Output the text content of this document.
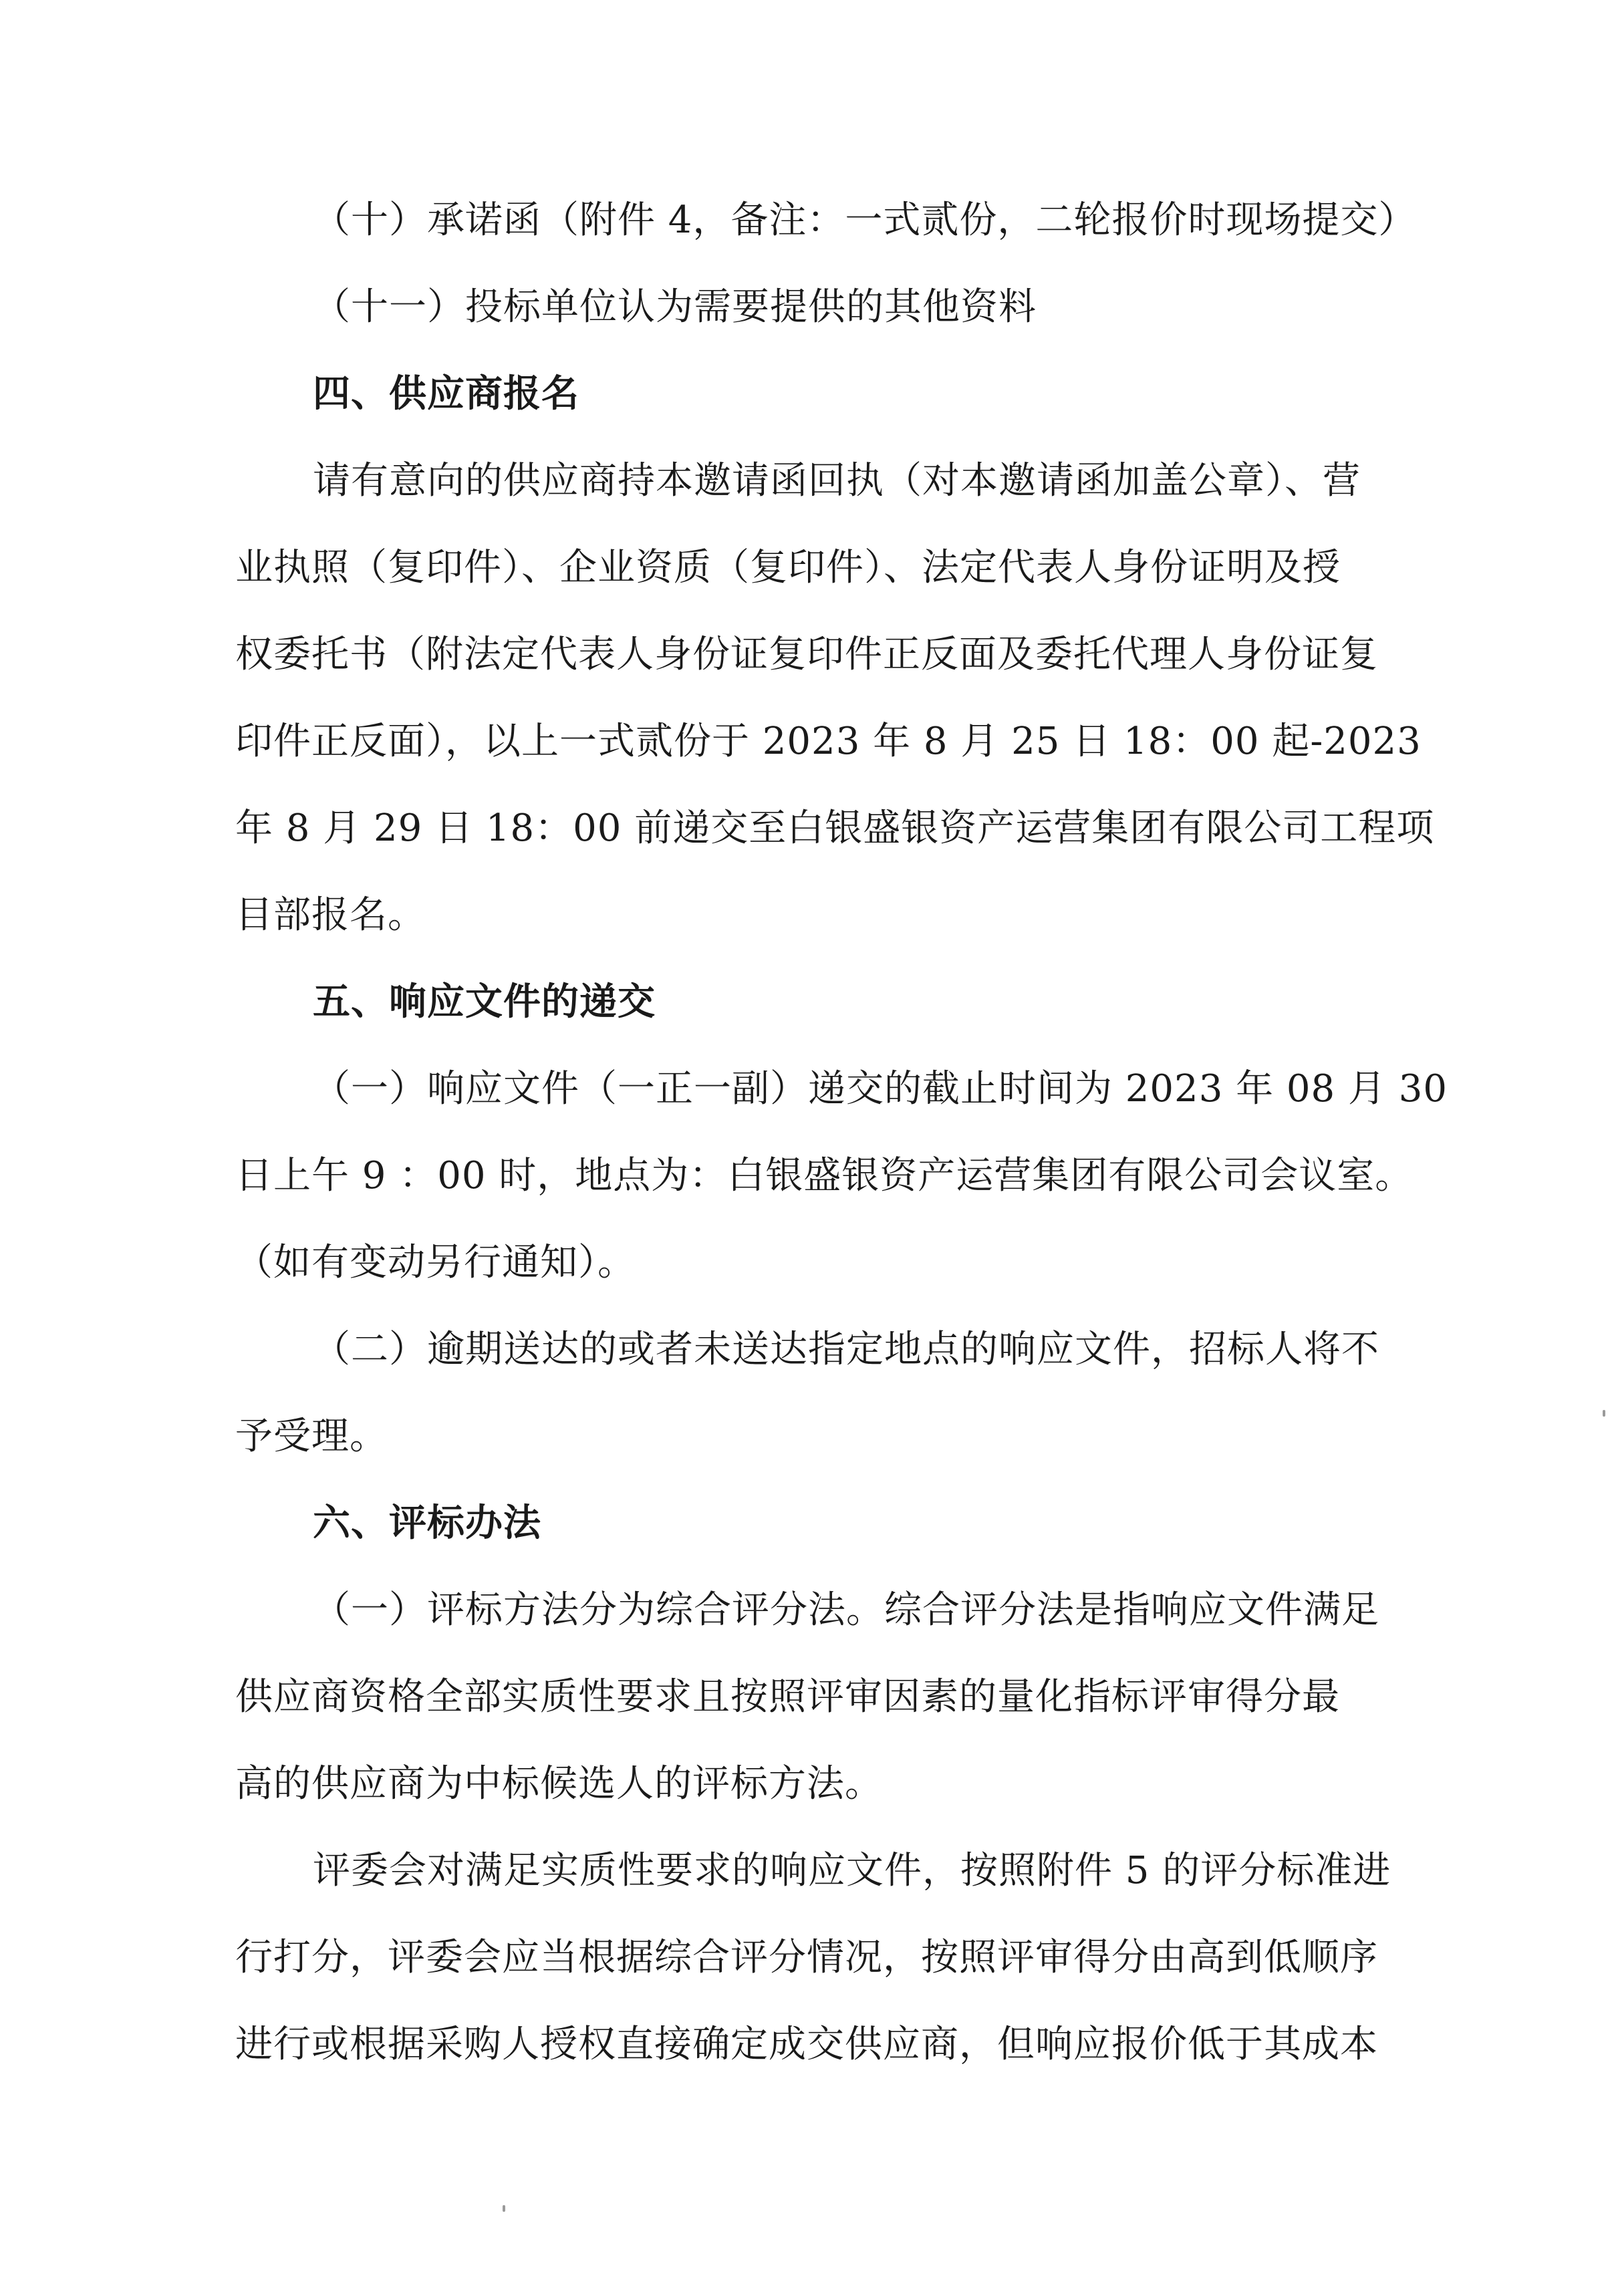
（十）承诺函（附件 4，备注：一式贰份，二轮报价时现场提交）
（十一）投标单位认为需要提供的其他资料
四、供应商报名
请有意向的供应商持本邀请函回执（对本邀请函加盖公章）、营
业执照（复印件）、企业资质（复印件）、法定代表人身份证明及授
权委托书（附法定代表人身份证复印件正反面及委托代理人身份证复
印件正反面），以上一式贰份于 2023 年 8 月 25 日 18：00 起-2023
年 8 月 29 日 18：00 前递交至白银盛银资产运营集团有限公司工程项
目部报名。
五、响应文件的递交
（一）响应文件（一正一副）递交的截止时间为 2023 年 08 月 30
日上午 9 ：00 时，地点为：白银盛银资产运营集团有限公司会议室。
（如有变动另行通知）。
（二）逾期送达的或者未送达指定地点的响应文件，招标人将不
予受理。
六、评标办法
（一）评标方法分为综合评分法。综合评分法是指响应文件满足
供应商资格全部实质性要求且按照评审因素的量化指标评审得分最
高的供应商为中标候选人的评标方法。
评委会对满足实质性要求的响应文件，按照附件 5 的评分标准进
行打分，评委会应当根据综合评分情况，按照评审得分由高到低顺序
进行或根据采购人授权直接确定成交供应商，但响应报价低于其成本
